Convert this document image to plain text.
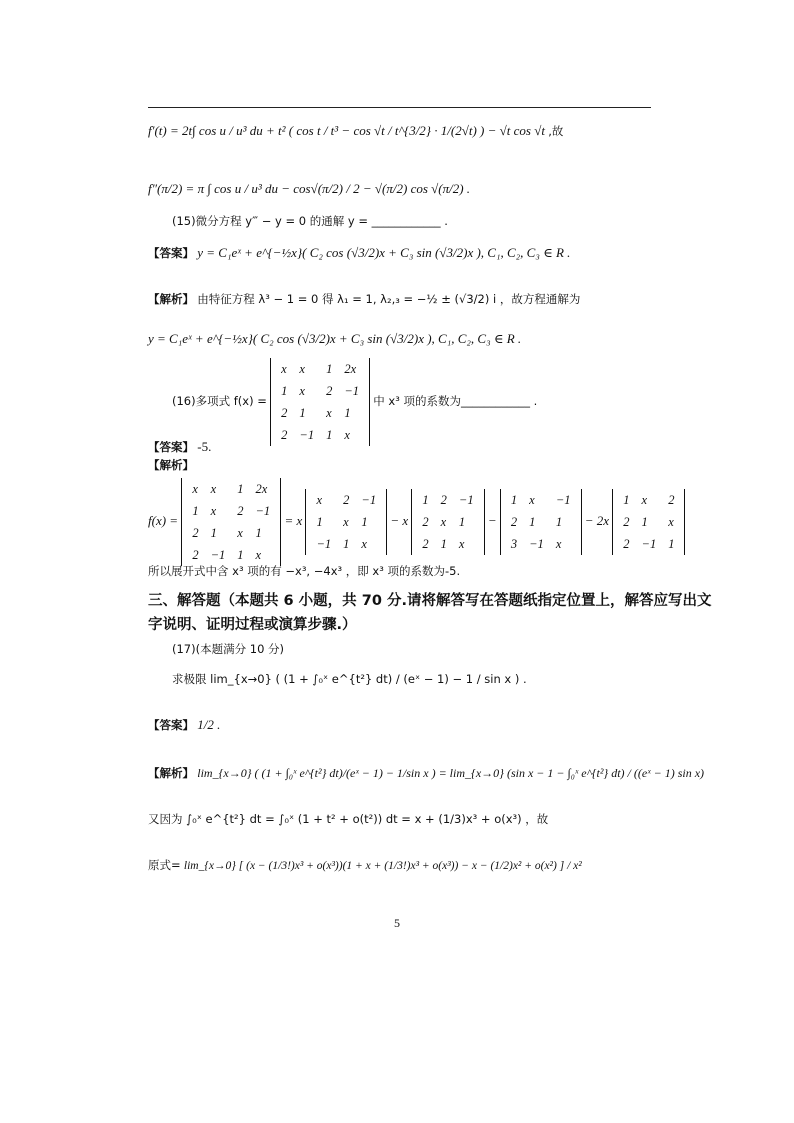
f′(t) = 2t∫ cos u / u³ du + t² ( cos t / t³ − cos √t / t^{3/2} · 1/(2√t) ) − √t cos √t ,故
f″(π/2) = π ∫ cos u / u³ du − cos√(π/2) / 2 − √(π/2) cos √(π/2) .
(15)微分方程 y‴ − y = 0 的通解 y = ____________ .
【答案】 y = C₁eˣ + e^{−½x}( C₂ cos (√3/2)x + C₃ sin (√3/2)x ), C₁, C₂, C₃ ∈ R .
【解析】 由特征方程 λ³ − 1 = 0 得 λ₁ = 1, λ₂,₃ = −½ ± (√3/2) i ，故方程通解为
y = C₁eˣ + e^{−½x}( C₂ cos (√3/2)x + C₃ sin (√3/2)x ), C₁, C₂, C₃ ∈ R .
(16)多项式 f(x) =
x	x	1	2x
1	x	2	−1
2	1	x	1
2	−1	1	x
中 x³ 项的系数为____________ .
【答案】 -5.
【解析】
f(x) =
x	x	1	2x
1	x	2	−1
2	1	x	1
2	−1	1	x
= x
x	2	−1
1	x	1
−1	1	x
− x
1	2	−1
2	x	1
2	1	x
−
1	x	−1
2	1	1
3	−1	x
− 2x
1	x	2
2	1	x
2	−1	1
所以展开式中含 x³ 项的有 −x³, −4x³ ，即 x³ 项的系数为-5.
三、解答题（本题共 6 小题，共 70 分.请将解答写在答题纸指定位置上，解答应写出文
字说明、证明过程或演算步骤.）
(17)(本题满分 10 分)
求极限 lim_{x→0} ( (1 + ∫₀ˣ e^{t²} dt) / (eˣ − 1) − 1 / sin x ) .
【答案】 1/2 .
【解析】 lim_{x→0} ( (1 + ∫₀ˣ e^{t²} dt)/(eˣ − 1) − 1/sin x ) = lim_{x→0} (sin x − 1 − ∫₀ˣ e^{t²} dt) / ((eˣ − 1) sin x)
又因为 ∫₀ˣ e^{t²} dt = ∫₀ˣ (1 + t² + o(t²)) dt = x + (1/3)x³ + o(x³) ，故
原式= lim_{x→0} [ (x − (1/3!)x³ + o(x³))(1 + x + (1/3!)x³ + o(x³)) − x − (1/2)x² + o(x²) ] / x²
5
